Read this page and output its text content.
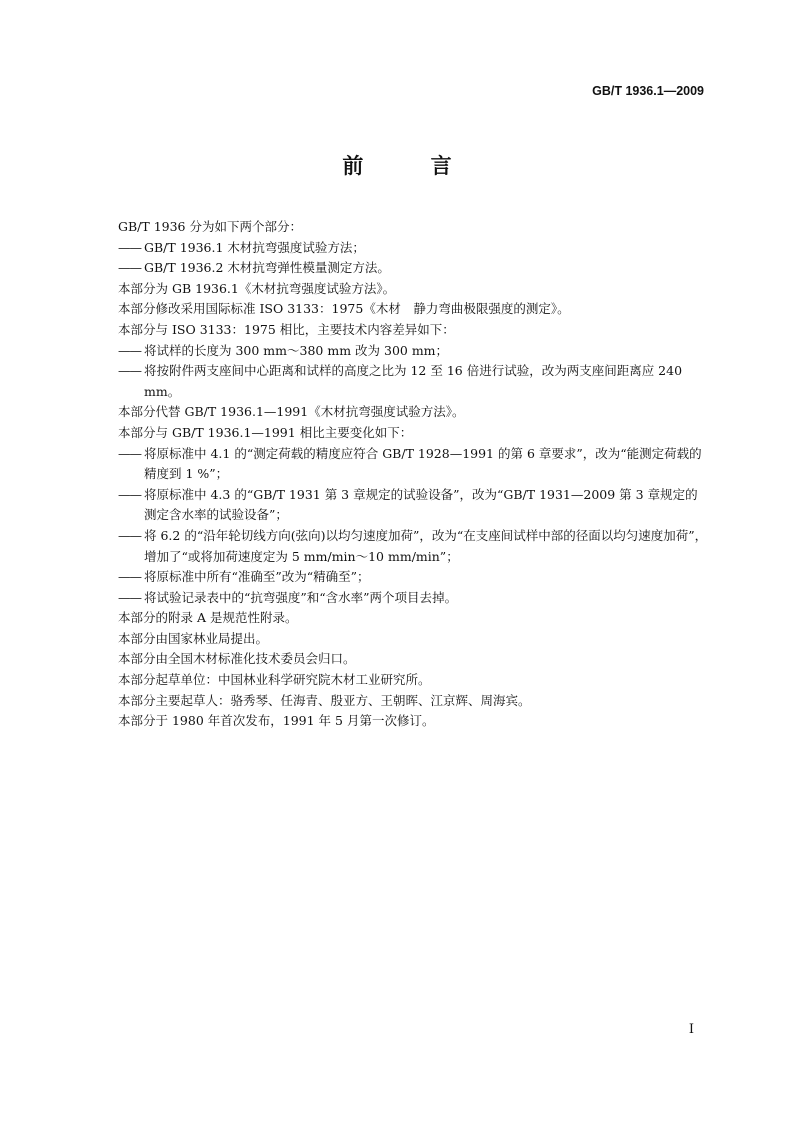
GB/T 1936.1—2009
前 言
GB/T 1936 分为如下两个部分：
—— GB/T 1936.1 木材抗弯强度试验方法；
—— GB/T 1936.2 木材抗弯弹性模量测定方法。
本部分为 GB 1936.1《木材抗弯强度试验方法》。
本部分修改采用国际标准 ISO 3133：1975《木材　静力弯曲极限强度的测定》。
本部分与 ISO 3133：1975 相比，主要技术内容差异如下：
—— 将试样的长度为 300 mm～380 mm 改为 300 mm；
—— 将按附件两支座间中心距离和试样的高度之比为 12 至 16 倍进行试验，改为两支座间距离应 240 mm。
本部分代替 GB/T 1936.1—1991《木材抗弯强度试验方法》。
本部分与 GB/T 1936.1—1991 相比主要变化如下：
—— 将原标准中 4.1 的“测定荷载的精度应符合 GB/T 1928—1991 的第 6 章要求”，改为“能测定荷载的精度到 1 %”；
—— 将原标准中 4.3 的“GB/T 1931 第 3 章规定的试验设备”，改为“GB/T 1931—2009 第 3 章规定的测定含水率的试验设备”；
—— 将 6.2 的“沿年轮切线方向(弦向)以均匀速度加荷”，改为“在支座间试样中部的径面以均匀速度加荷”，增加了“或将加荷速度定为 5 mm/min～10 mm/min”；
—— 将原标准中所有“准确至”改为“精确至”；
—— 将试验记录表中的“抗弯强度”和“含水率”两个项目去掉。
本部分的附录 A 是规范性附录。
本部分由国家林业局提出。
本部分由全国木材标准化技术委员会归口。
本部分起草单位：中国林业科学研究院木材工业研究所。
本部分主要起草人：骆秀琴、任海青、殷亚方、王朝晖、江京辉、周海宾。
本部分于 1980 年首次发布，1991 年 5 月第一次修订。
I
